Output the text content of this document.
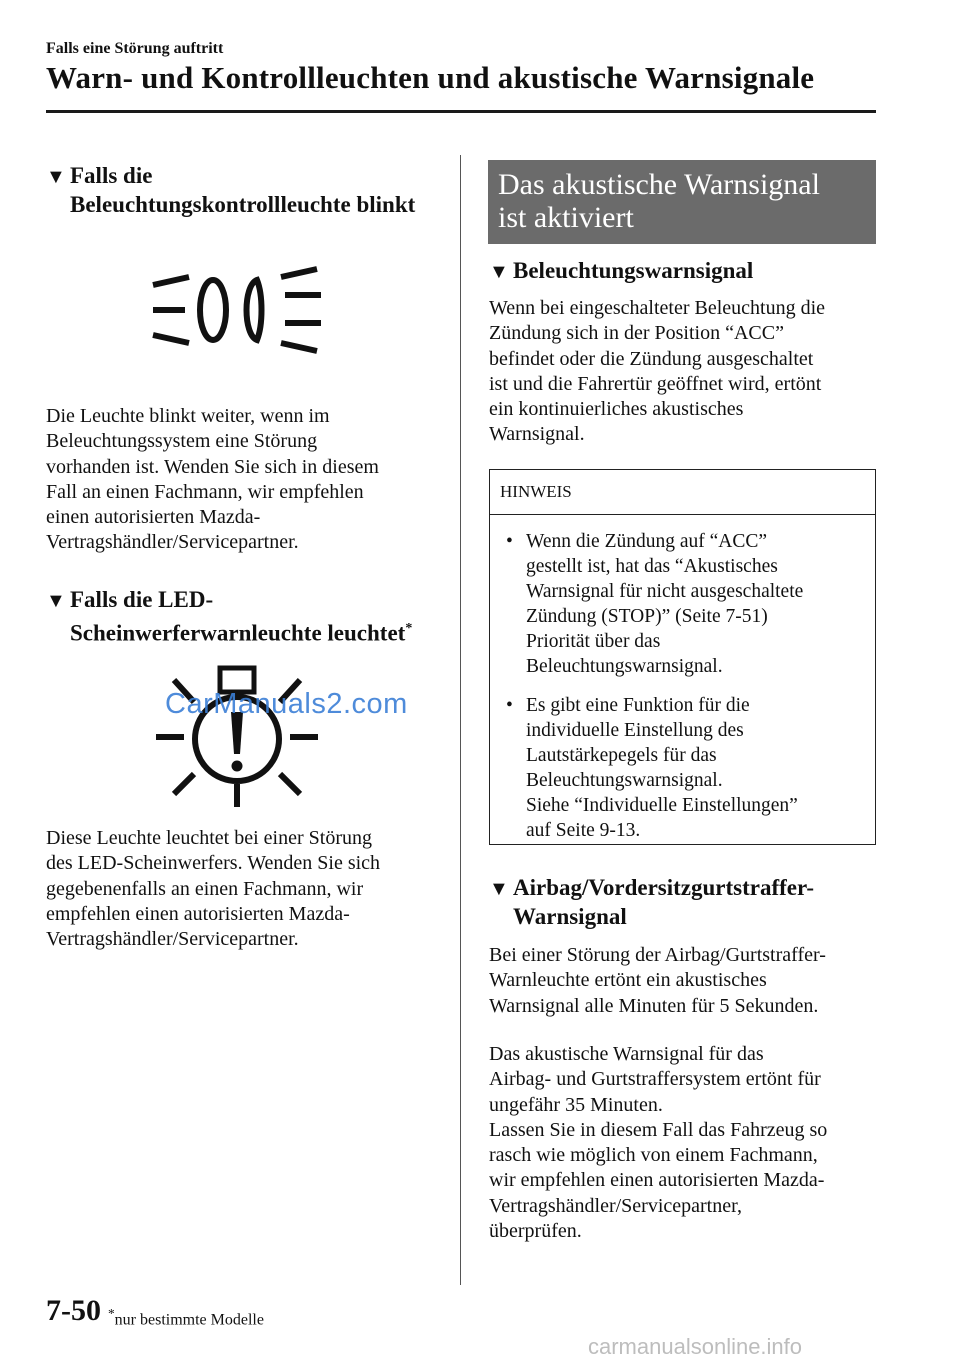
Falls eine Störung auftritt
Warn- und Kontrollleuchten und akustische Warnsignale
▼ Falls die
Beleuchtungskontrollleuchte blinkt
Die Leuchte blinkt weiter, wenn im
Beleuchtungssystem eine Störung
vorhanden ist. Wenden Sie sich in diesem
Fall an einen Fachmann, wir empfehlen
einen autorisierten Mazda-
Vertragshändler/Servicepartner.
▼ Falls die LED-
Scheinwerferwarnleuchte leuchtet*
CarManuals2.com
Diese Leuchte leuchtet bei einer Störung
des LED-Scheinwerfers. Wenden Sie sich
gegebenenfalls an einen Fachmann, wir
empfehlen einen autorisierten Mazda-
Vertragshändler/Servicepartner.
Das akustische Warnsignal
ist aktiviert
▼ Beleuchtungswarnsignal
Wenn bei eingeschalteter Beleuchtung die
Zündung sich in der Position “ACC”
befindet oder die Zündung ausgeschaltet
ist und die Fahrertür geöffnet wird, ertönt
ein kontinuierliches akustisches
Warnsignal.
HINWEIS
• Wenn die Zündung auf “ACC”
gestellt ist, hat das “Akustisches
Warnsignal für nicht ausgeschaltete
Zündung (STOP)” (Seite 7-51)
Priorität über das
Beleuchtungswarnsignal.
• Es gibt eine Funktion für die
individuelle Einstellung des
Lautstärkepegels für das
Beleuchtungswarnsignal.
Siehe “Individuelle Einstellungen”
auf Seite 9-13.
▼ Airbag/Vordersitzgurtstraffer-
Warnsignal
Bei einer Störung der Airbag/Gurtstraffer-
Warnleuchte ertönt ein akustisches
Warnsignal alle Minuten für 5 Sekunden.
Das akustische Warnsignal für das
Airbag- und Gurtstraffersystem ertönt für
ungefähr 35 Minuten.
Lassen Sie in diesem Fall das Fahrzeug so
rasch wie möglich von einem Fachmann,
wir empfehlen einen autorisierten Mazda-
Vertragshändler/Servicepartner,
überprüfen.
7-50 *nur bestimmte Modelle
carmanualsonline.info
